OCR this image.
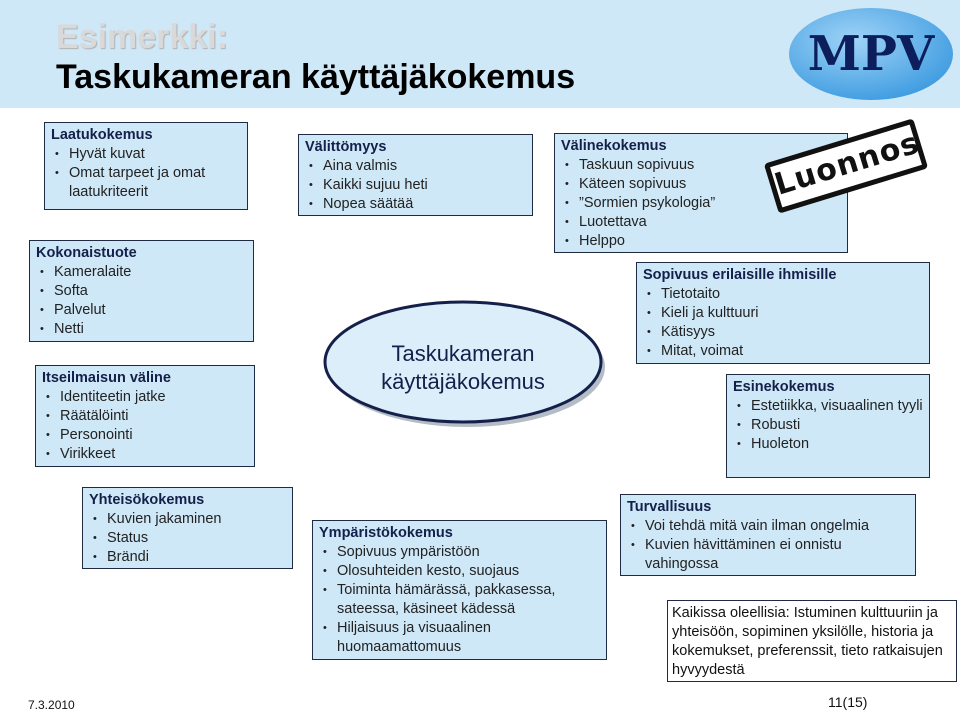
Esimerkki:
Taskukameran käyttäjäkokemus	MPV
Taskukameran
käyttäjäkokemus
Laatukokemus
• Hyvät kuvat
• Omat tarpeet ja omat laatukriteerit
Kokonaistuote
• Kameralaite
• Softa
• Palvelut
• Netti
Itseilmaisun väline
• Identiteetin jatke
• Räätälöinti
• Personointi
• Virikkeet
Yhteisökokemus
• Kuvien jakaminen
• Status
• Brändi
Välittömyys
• Aina valmis
• Kaikki sujuu heti
• Nopea säätää
Välinekokemus
• Taskuun sopivuus
• Käteen sopivuus
• ”Sormien psykologia”
• Luotettava
• Helppo
Luonnos
Sopivuus erilaisille ihmisille
• Tietotaito
• Kieli ja kulttuuri
• Kätisyys
• Mitat, voimat
Esinekokemus
• Estetiikka, visuaalinen tyyli
• Robusti
• Huoleton
Ympäristökokemus
• Sopivuus ympäristöön
• Olosuhteiden kesto, suojaus
• Toiminta hämärässä, pakkasessa, sateessa, käsineet kädessä
• Hiljaisuus ja visuaalinen huomaamattomuus
Turvallisuus
• Voi tehdä mitä vain ilman ongelmia
• Kuvien hävittäminen ei onnistu vahingossa
Kaikissa oleellisia: Istuminen kulttuuriin ja yhteisöön, sopiminen yksilölle, historia ja kokemukset, preferenssit, tieto ratkaisujen hyvyydestä
7.3.2010	11(15)
